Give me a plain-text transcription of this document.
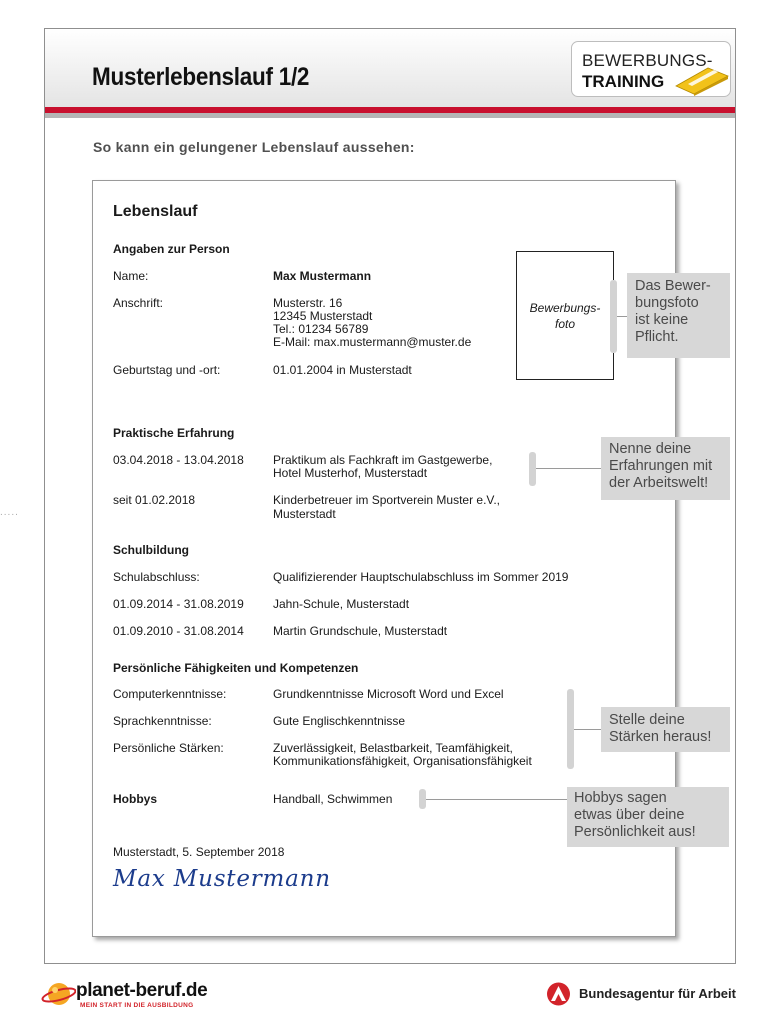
Musterlebenslauf 1/2
BEWERBUNGS-
TRAINING
So kann ein gelungener Lebenslauf aussehen:
.....
Lebenslauf
Angaben zur Person
Name:	Max Mustermann
Anschrift:	Musterstr. 16
12345 Musterstadt
Tel.: 01234 56789
E-Mail: max.mustermann@muster.de
Geburtstag und -ort:	01.01.2004 in Musterstadt
Bewerbungs-
foto
Praktische Erfahrung
03.04.2018 - 13.04.2018 Praktikum als Fachkraft im Gastgewerbe,
Hotel Musterhof, Musterstadt
seit 01.02.2018	Kinderbetreuer im Sportverein Muster e.V.,
Musterstadt
Schulbildung
Schulabschluss:	Qualifizierender Hauptschulabschluss im Sommer 2019
01.09.2014 - 31.08.2019 Jahn-Schule, Musterstadt
01.09.2010 - 31.08.2014 Martin Grundschule, Musterstadt
Persönliche Fähigkeiten und Kompetenzen
Computerkenntnisse:	Grundkenntnisse Microsoft Word und Excel
Sprachkenntnisse:	Gute Englischkenntnisse
Persönliche Stärken:	Zuverlässigkeit, Belastbarkeit, Teamfähigkeit,
Kommunikationsfähigkeit, Organisationsfähigkeit
Hobbys	Handball, Schwimmen
Musterstadt, 5. September 2018
Max Mustermann
Das Bewer-
bungsfoto
ist keine
Pflicht.
Nenne deine
Erfahrungen mit
der Arbeitswelt!
Stelle deine
Stärken heraus!
Hobbys sagen
etwas über deine
Persönlichkeit aus!
planet-beruf.de
MEIN START IN DIE AUSBILDUNG
Bundesagentur für Arbeit
